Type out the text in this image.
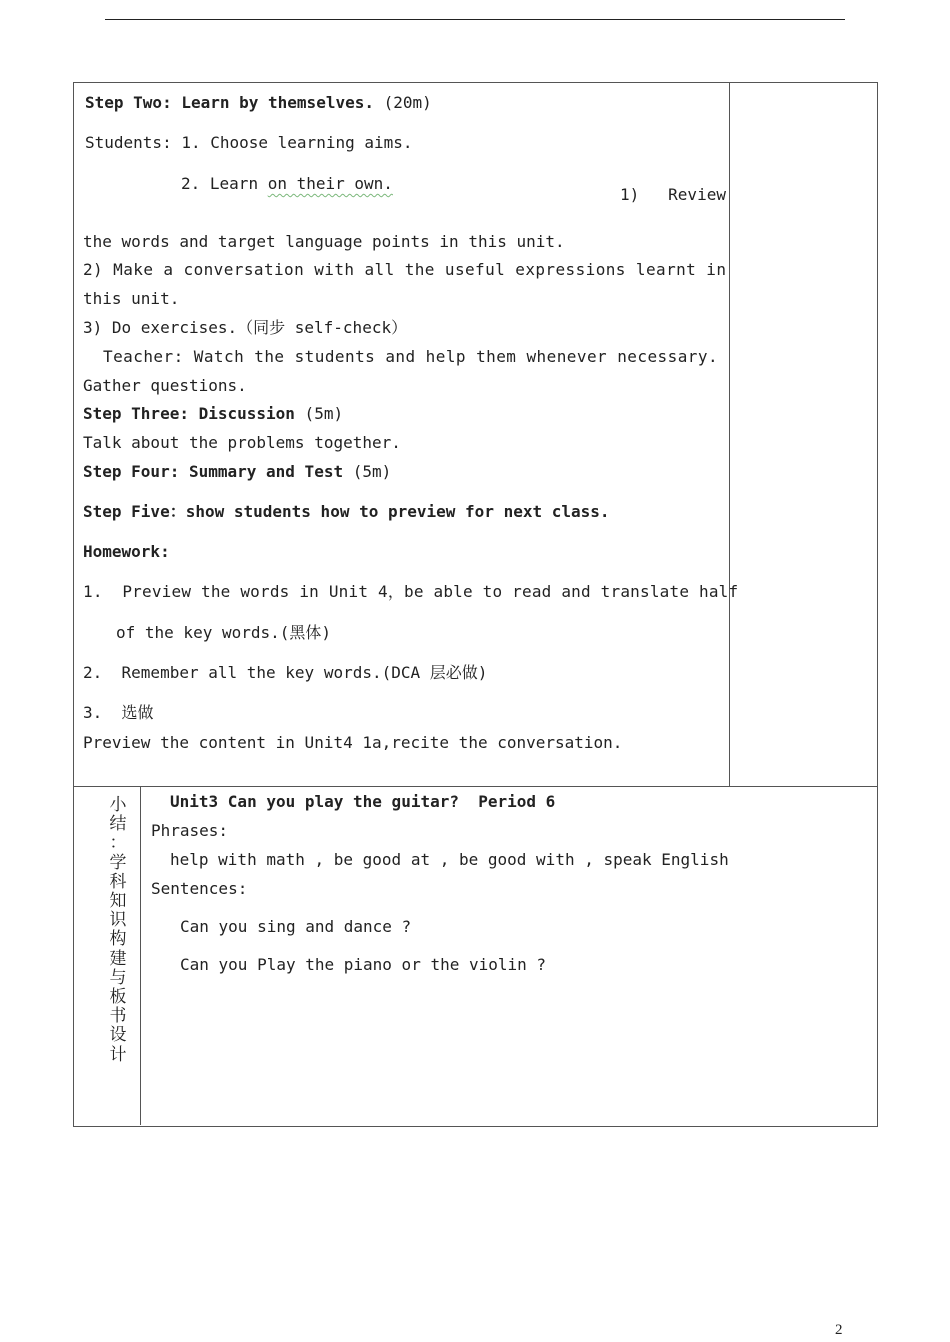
Step Two: Learn by themselves. (20m)
Students: 1. Choose learning aims.
2. Learn on their own.
1)   Review
the words and target language points in this unit.
2) Make a conversation with all the useful expressions learnt in
this unit.
3) Do exercises.（同步 self-check）
Teacher: Watch the students and help them whenever necessary.
Gather questions.
Step Three: Discussion (5m)
Talk about the problems together.
Step Four: Summary and Test (5m)
Step Five：show students how to preview for next class.
Homework:
1.  Preview the words in Unit 4，be able to read and translate half
of the key words.(黑体)
2.  Remember all the key words.(DCA 层必做)
3.  选做
Preview the content in Unit4 1a,recite the conversation.
小
结
：
学
科
知
识
构
建
与
板
书
设
计
Unit3 Can you play the guitar?  Period 6
Phrases:
help with math , be good at , be good with , speak English
Sentences:
Can you sing and dance ?
Can you Play the piano or the violin ?
2
